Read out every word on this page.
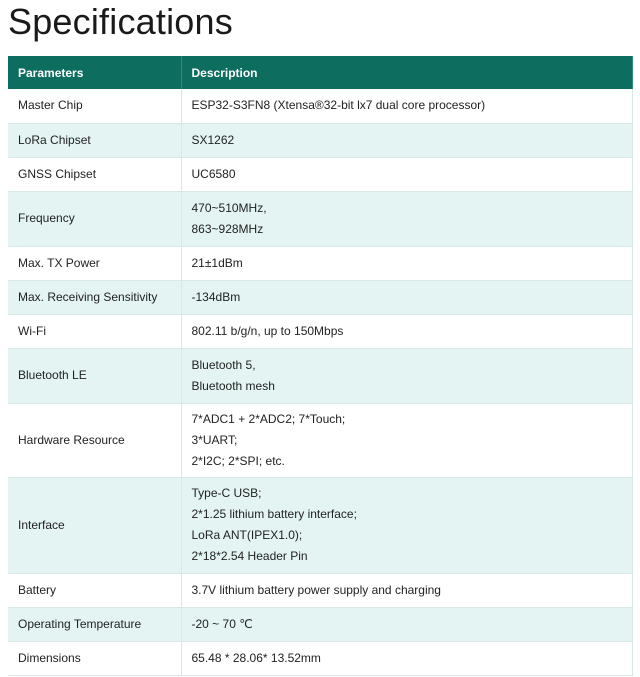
Specifications
Parameters	Description
Master Chip	ESP32-S3FN8 (Xtensa®32-bit lx7 dual core processor)

LoRa Chipset	SX1262

GNSS Chipset	UC6580

Frequency	470~510MHz,
863~928MHz

Max. TX Power	21±1dBm

Max. Receiving Sensitivity	-134dBm

Wi-Fi	802.11 b/g/n, up to 150Mbps

Bluetooth LE	Bluetooth 5,
Bluetooth mesh

Hardware Resource	7*ADC1 + 2*ADC2; 7*Touch;
3*UART;
2*I2C; 2*SPI; etc.

Interface	Type-C USB;
2*1.25 lithium battery interface;
LoRa ANT(IPEX1.0);
2*18*2.54 Header Pin

Battery	3.7V lithium battery power supply and charging

Operating Temperature	-20 ~ 70 ℃

Dimensions	65.48 * 28.06* 13.52mm
